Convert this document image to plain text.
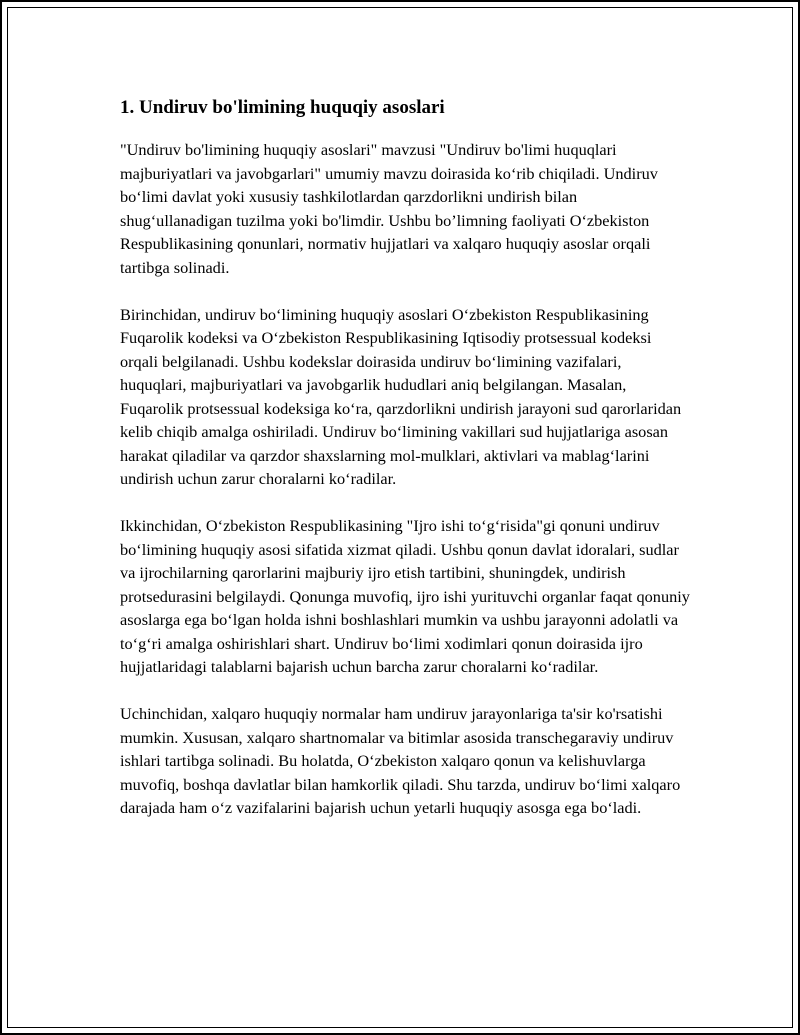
1. Undiruv bo'limining huquqiy asoslari

"Undiruv bo'limining huquqiy asoslari" mavzusi "Undiruv bo'limi huquqlari majburiyatlari va javobgarlari" umumiy mavzu doirasida ko‘rib chiqiladi. Undiruv bo‘limi davlat yoki xususiy tashkilotlardan qarzdorlikni undirish bilan shug‘ullanadigan tuzilma yoki bo'limdir. Ushbu bo’limning faoliyati O‘zbekiston Respublikasining qonunlari, normativ hujjatlari va xalqaro huquqiy asoslar orqali tartibga solinadi.

Birinchidan, undiruv bo‘limining huquqiy asoslari O‘zbekiston Respublikasining Fuqarolik kodeksi va O‘zbekiston Respublikasining Iqtisodiy protsessual kodeksi orqali belgilanadi. Ushbu kodekslar doirasida undiruv bo‘limining vazifalari, huquqlari, majburiyatlari va javobgarlik hududlari aniq belgilangan. Masalan, Fuqarolik protsessual kodeksiga ko‘ra, qarzdorlikni undirish jarayoni sud qarorlaridan kelib chiqib amalga oshiriladi. Undiruv bo‘limining vakillari sud hujjatlariga asosan harakat qiladilar va qarzdor shaxslarning mol-mulklari, aktivlari va mablag‘larini undirish uchun zarur choralarni ko‘radilar.

Ikkinchidan, O‘zbekiston Respublikasining "Ijro ishi to‘g‘risida"gi qonuni undiruv bo‘limining huquqiy asosi sifatida xizmat qiladi. Ushbu qonun davlat idoralari, sudlar va ijrochilarning qarorlarini majburiy ijro etish tartibini, shuningdek, undirish protsedurasini belgilaydi. Qonunga muvofiq, ijro ishi yurituvchi organlar faqat qonuniy asoslarga ega bo‘lgan holda ishni boshlashlari mumkin va ushbu jarayonni adolatli va to‘g‘ri amalga oshirishlari shart. Undiruv bo‘limi xodimlari qonun doirasida ijro hujjatlaridagi talablarni bajarish uchun barcha zarur choralarni ko‘radilar.

Uchinchidan, xalqaro huquqiy normalar ham undiruv jarayonlariga ta'sir ko'rsatishi mumkin. Xususan, xalqaro shartnomalar va bitimlar asosida transchegaraviy undiruv ishlari tartibga solinadi. Bu holatda, O‘zbekiston xalqaro qonun va kelishuvlarga muvofiq, boshqa davlatlar bilan hamkorlik qiladi. Shu tarzda, undiruv bo‘limi xalqaro darajada ham o‘z vazifalarini bajarish uchun yetarli huquqiy asosga ega bo‘ladi.
